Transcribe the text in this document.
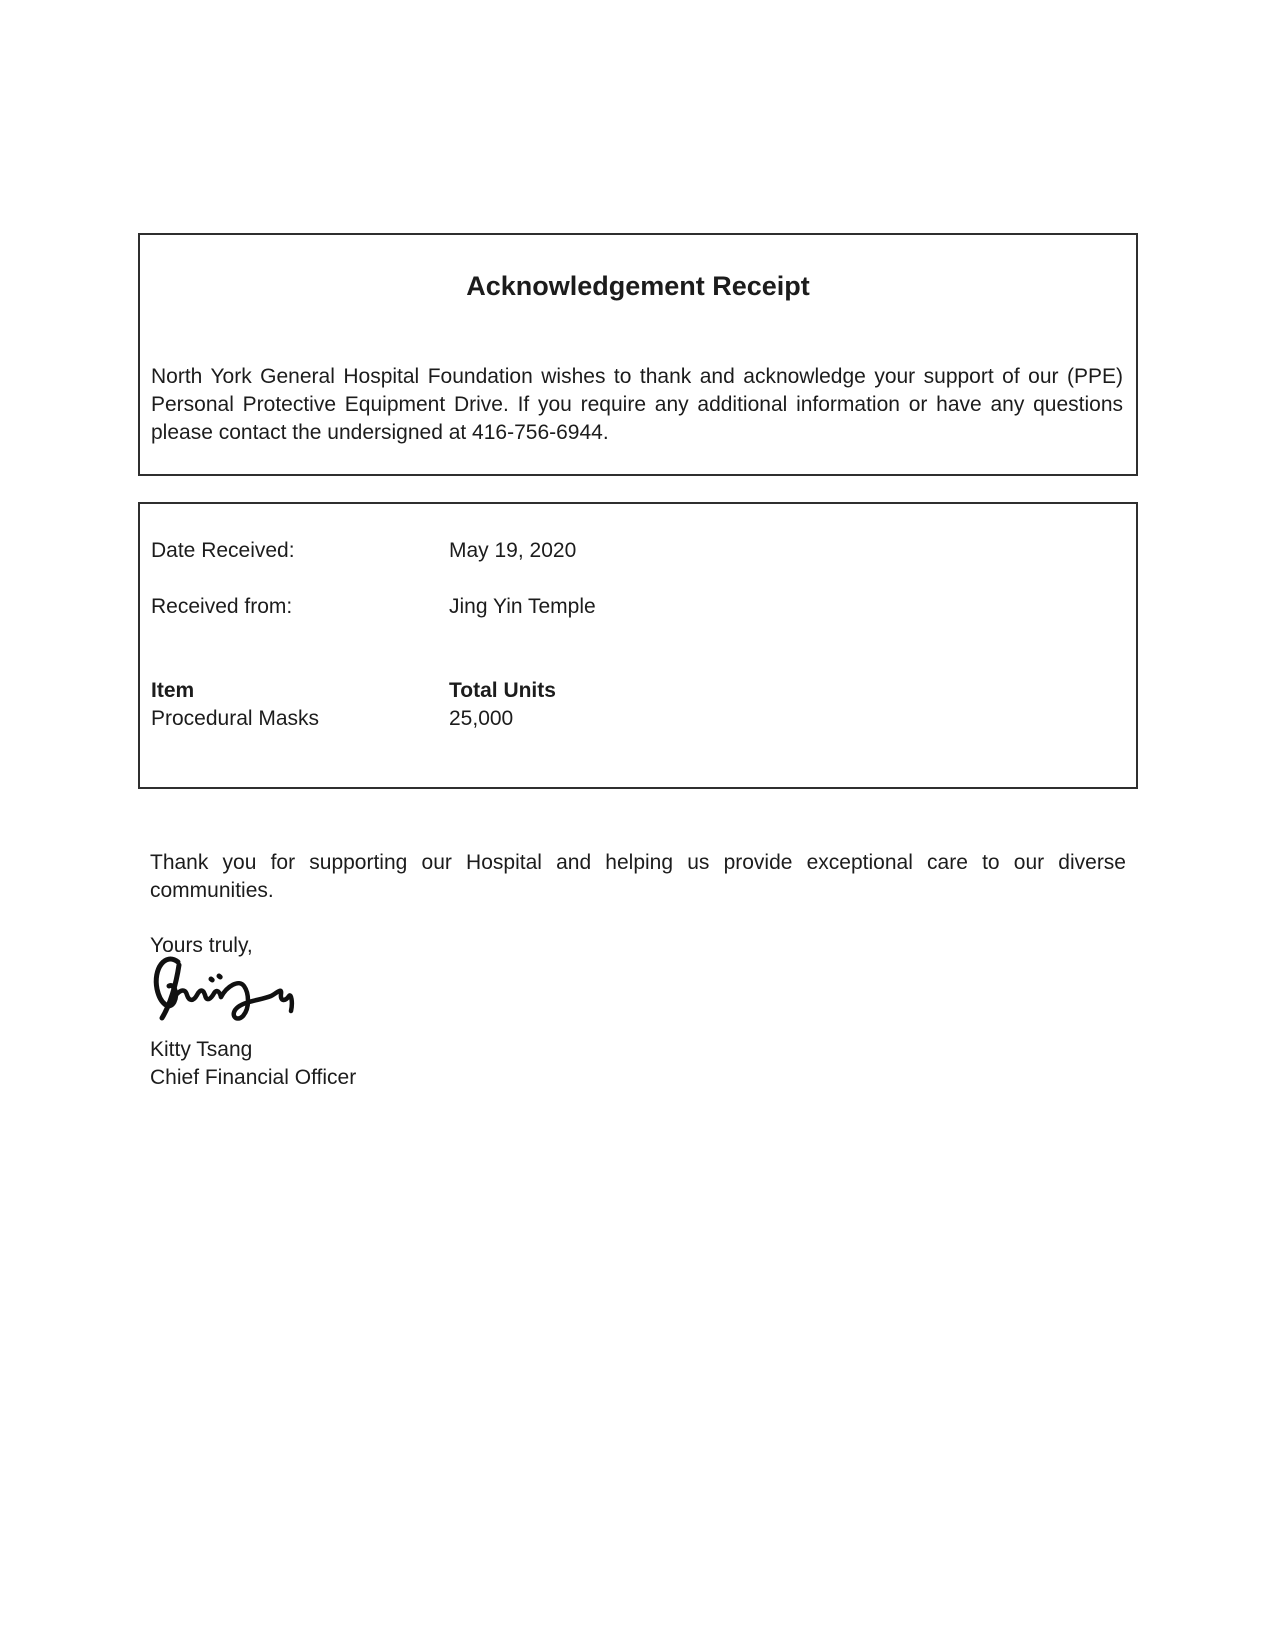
Acknowledgement Receipt
North York General Hospital Foundation wishes to thank and acknowledge your support of our (PPE)
Personal Protective Equipment Drive. If you require any additional information or have any questions
please contact the undersigned at 416-756-6944.
Date Received:	May 19, 2020
Received from:	Jing Yin Temple
Item	Total Units
Procedural Masks	25,000
Thank you for supporting our Hospital and helping us provide exceptional care to our diverse
communities.
Yours truly,
Kitty Tsang
Chief Financial Officer
